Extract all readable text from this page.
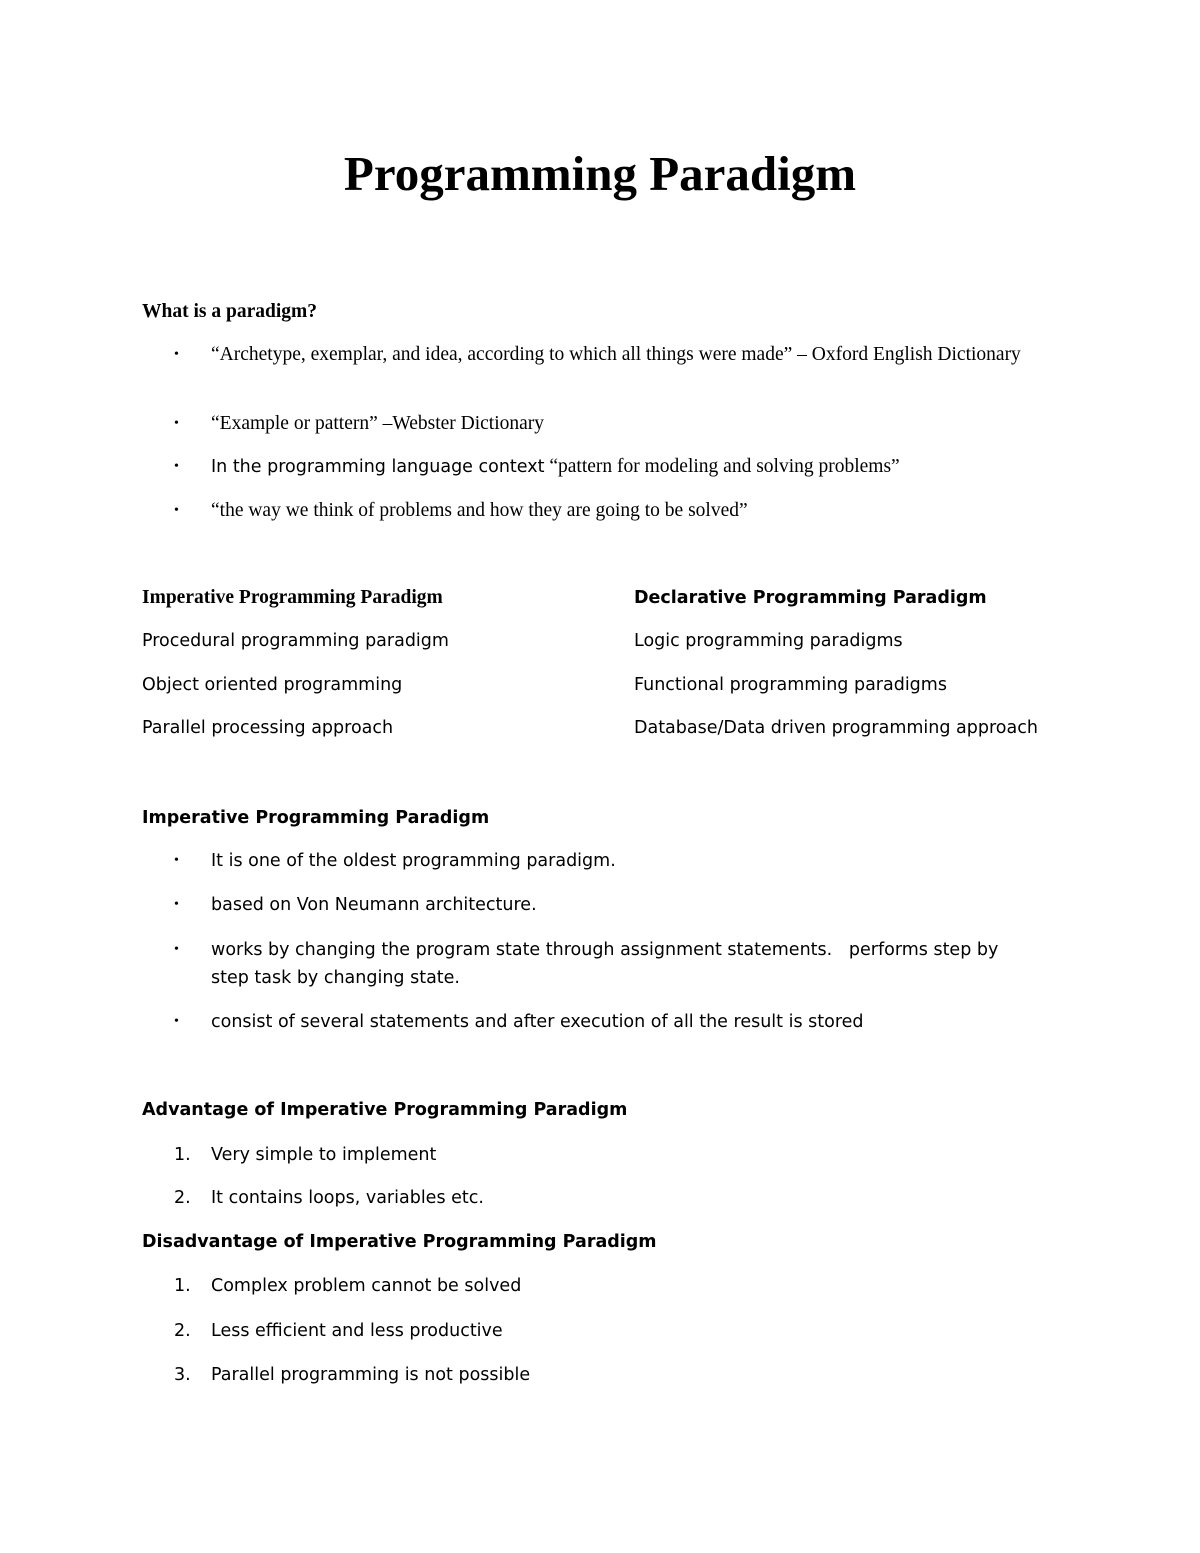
Programming Paradigm

What is a paradigm?

•	“Archetype, exemplar, and idea, according to which all things were made” – Oxford English Dictionary
•	“Example or pattern” –Webster Dictionary
•	In the programming language context “pattern for modeling and solving problems”
•	“the way we think of problems and how they are going to be solved”

Imperative Programming Paradigm	Declarative Programming Paradigm

Procedural programming paradigm	Logic programming paradigms

Object oriented programming	Functional programming paradigms

Parallel processing approach	Database/Data driven programming approach

Imperative Programming Paradigm

•	It is one of the oldest programming paradigm.
•	based on Von Neumann architecture.
•	works by changing the program state through assignment statements.   performs step by step task by changing state.
•	consist of several statements and after execution of all the result is stored

Advantage of Imperative Programming Paradigm

1. Very simple to implement
2. It contains loops, variables etc.

Disadvantage of Imperative Programming Paradigm

1. Complex problem cannot be solved
2. Less efficient and less productive
3. Parallel programming is not possible
